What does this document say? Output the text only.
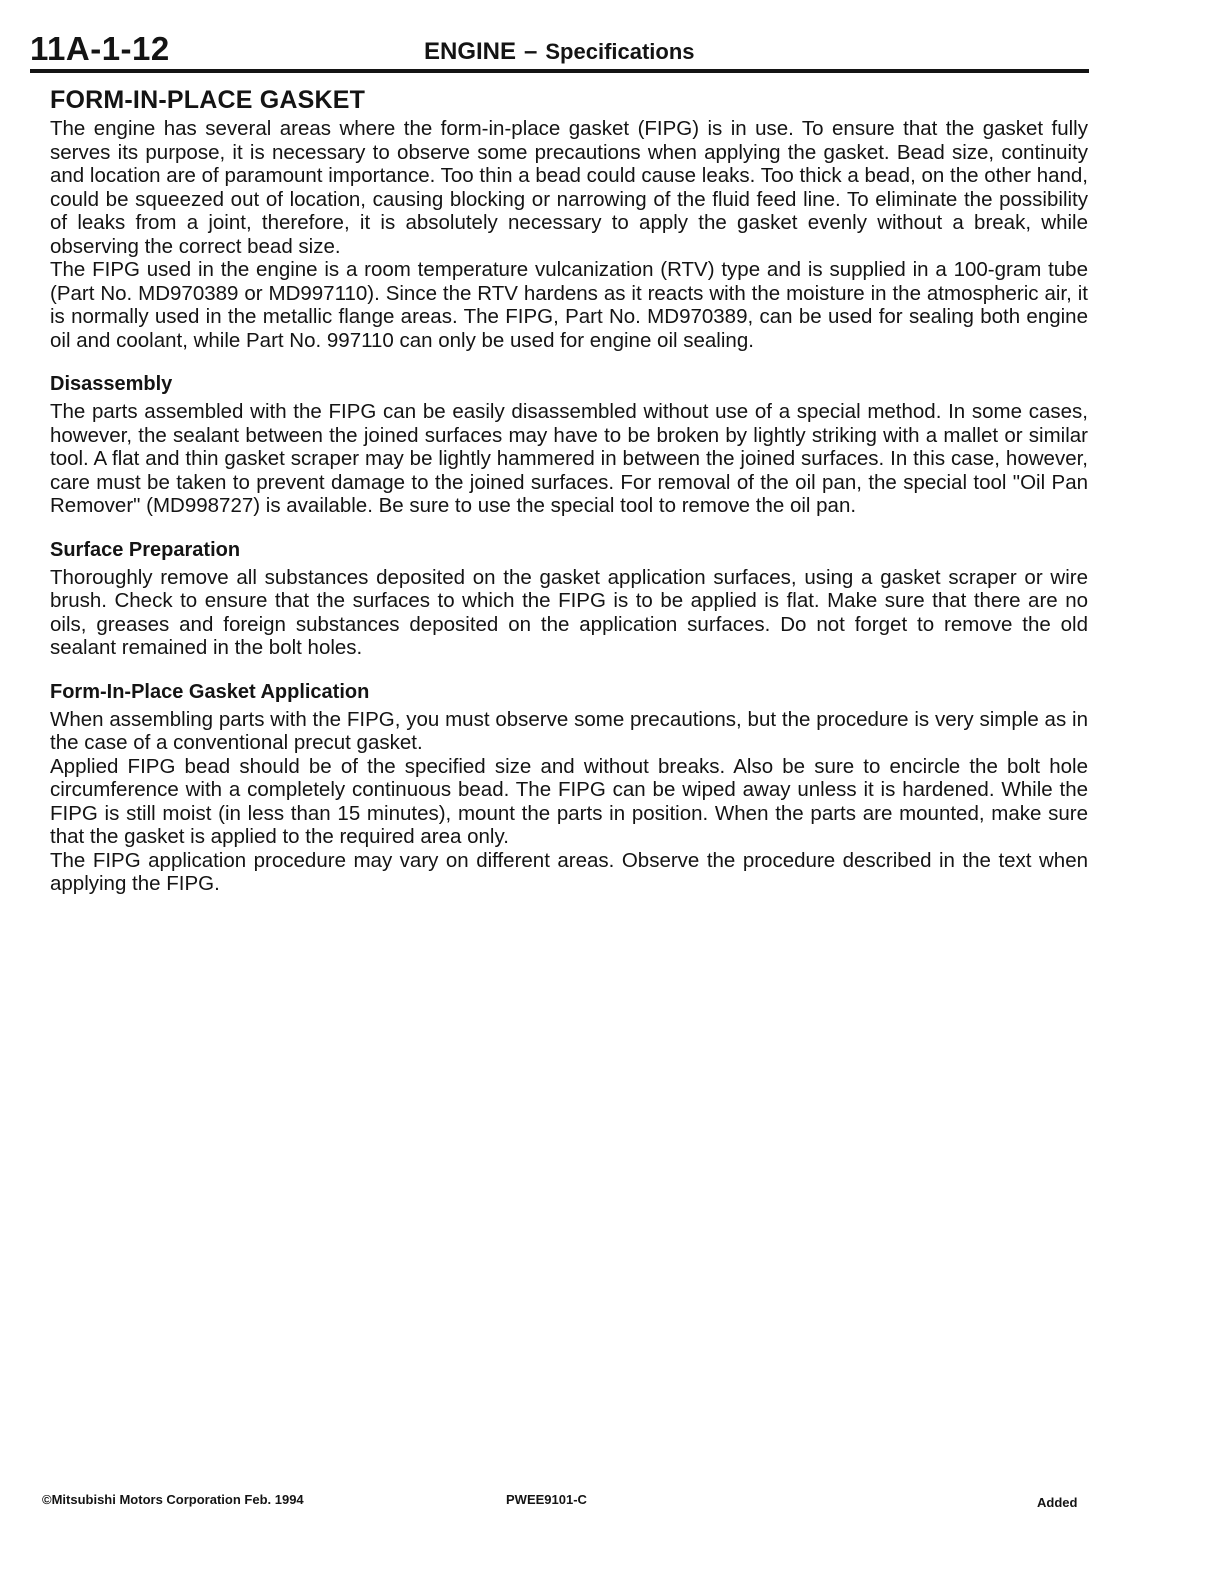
11A-1-12	ENGINE – Specifications
FORM-IN-PLACE GASKET

The engine has several areas where the form-in-place gasket (FIPG) is in use. To ensure that the gasket fully serves its purpose, it is necessary to observe some precautions when applying the gasket. Bead size, continuity and location are of paramount importance. Too thin a bead could cause leaks. Too thick a bead, on the other hand, could be squeezed out of location, causing blocking or narrowing of the fluid feed line. To eliminate the possibility of leaks from a joint, therefore, it is absolutely necessary to apply the gasket evenly without a break, while observing the correct bead size.

The FIPG used in the engine is a room temperature vulcanization (RTV) type and is supplied in a 100-gram tube (Part No. MD970389 or MD997110). Since the RTV hardens as it reacts with the moisture in the atmospheric air, it is normally used in the metallic flange areas. The FIPG, Part No. MD970389, can be used for sealing both engine oil and coolant, while Part No. 997110 can only be used for engine oil sealing.

Disassembly

The parts assembled with the FIPG can be easily disassembled without use of a special method. In some cases, however, the sealant between the joined surfaces may have to be broken by lightly striking with a mallet or similar tool. A flat and thin gasket scraper may be lightly hammered in between the joined surfaces. In this case, however, care must be taken to prevent damage to the joined surfaces. For removal of the oil pan, the special tool "Oil Pan Remover" (MD998727) is available. Be sure to use the special tool to remove the oil pan.

Surface Preparation

Thoroughly remove all substances deposited on the gasket application surfaces, using a gasket scraper or wire brush. Check to ensure that the surfaces to which the FIPG is to be applied is flat. Make sure that there are no oils, greases and foreign substances deposited on the application surfaces. Do not forget to remove the old sealant remained in the bolt holes.

Form-In-Place Gasket Application

When assembling parts with the FIPG, you must observe some precautions, but the procedure is very simple as in the case of a conventional precut gasket.

Applied FIPG bead should be of the specified size and without breaks. Also be sure to encircle the bolt hole circumference with a completely continuous bead. The FIPG can be wiped away unless it is hardened. While the FIPG is still moist (in less than 15 minutes), mount the parts in position. When the parts are mounted, make sure that the gasket is applied to the required area only.

The FIPG application procedure may vary on different areas. Observe the procedure described in the text when applying the FIPG.

©Mitsubishi Motors Corporation Feb. 1994	PWEE9101-C	Added
